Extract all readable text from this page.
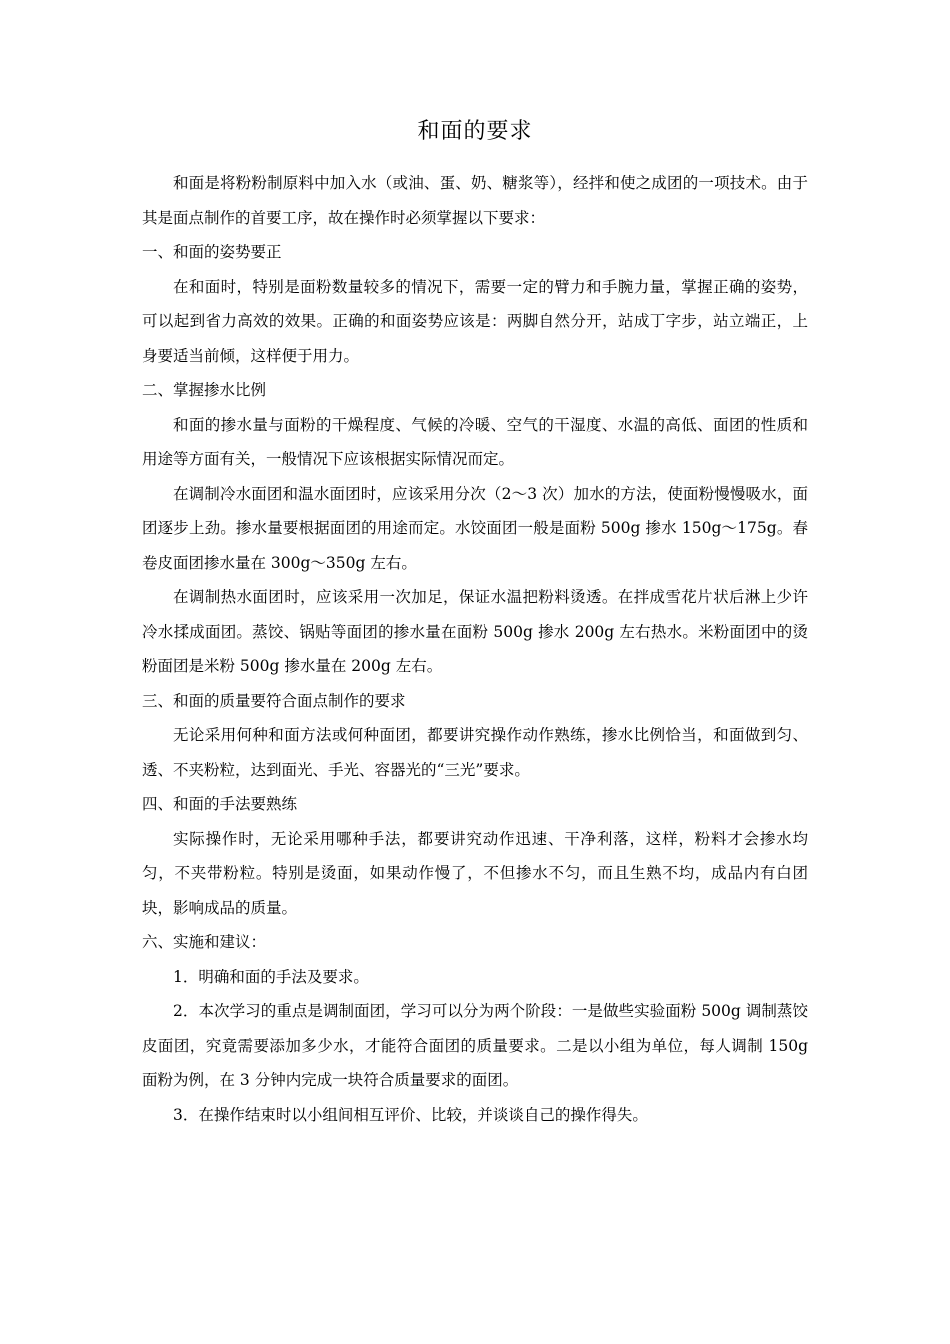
和面的要求

和面是将粉粉制原料中加入水（或油、蛋、奶、糖浆等），经拌和使之成团的一项技术。由于其是面点制作的首要工序，故在操作时必须掌握以下要求：

一、和面的姿势要正

在和面时，特别是面粉数量较多的情况下，需要一定的臂力和手腕力量，掌握正确的姿势，可以起到省力高效的效果。正确的和面姿势应该是：两脚自然分开，站成丁字步，站立端正，上身要适当前倾，这样便于用力。

二、掌握掺水比例

和面的掺水量与面粉的干燥程度、气候的冷暖、空气的干湿度、水温的高低、面团的性质和用途等方面有关，一般情况下应该根据实际情况而定。

在调制冷水面团和温水面团时，应该采用分次（2～3 次）加水的方法，使面粉慢慢吸水，面团逐步上劲。掺水量要根据面团的用途而定。水饺面团一般是面粉 500g 掺水 150g～175g。春卷皮面团掺水量在 300g～350g 左右。

在调制热水面团时，应该采用一次加足，保证水温把粉料烫透。在拌成雪花片状后淋上少许冷水揉成面团。蒸饺、锅贴等面团的掺水量在面粉 500g 掺水 200g 左右热水。米粉面团中的烫粉面团是米粉 500g 掺水量在 200g 左右。

三、和面的质量要符合面点制作的要求

无论采用何种和面方法或何种面团，都要讲究操作动作熟练，掺水比例恰当，和面做到匀、透、不夹粉粒，达到面光、手光、容器光的“三光”要求。

四、和面的手法要熟练

实际操作时，无论采用哪种手法，都要讲究动作迅速、干净利落，这样，粉料才会掺水均匀，不夹带粉粒。特别是烫面，如果动作慢了，不但掺水不匀，而且生熟不均，成品内有白团块，影响成品的质量。

六、实施和建议：

1．明确和面的手法及要求。

2．本次学习的重点是调制面团，学习可以分为两个阶段：一是做些实验面粉 500g 调制蒸饺皮面团，究竟需要添加多少水，才能符合面团的质量要求。二是以小组为单位，每人调制 150g 面粉为例，在 3 分钟内完成一块符合质量要求的面团。

3．在操作结束时以小组间相互评价、比较，并谈谈自己的操作得失。
